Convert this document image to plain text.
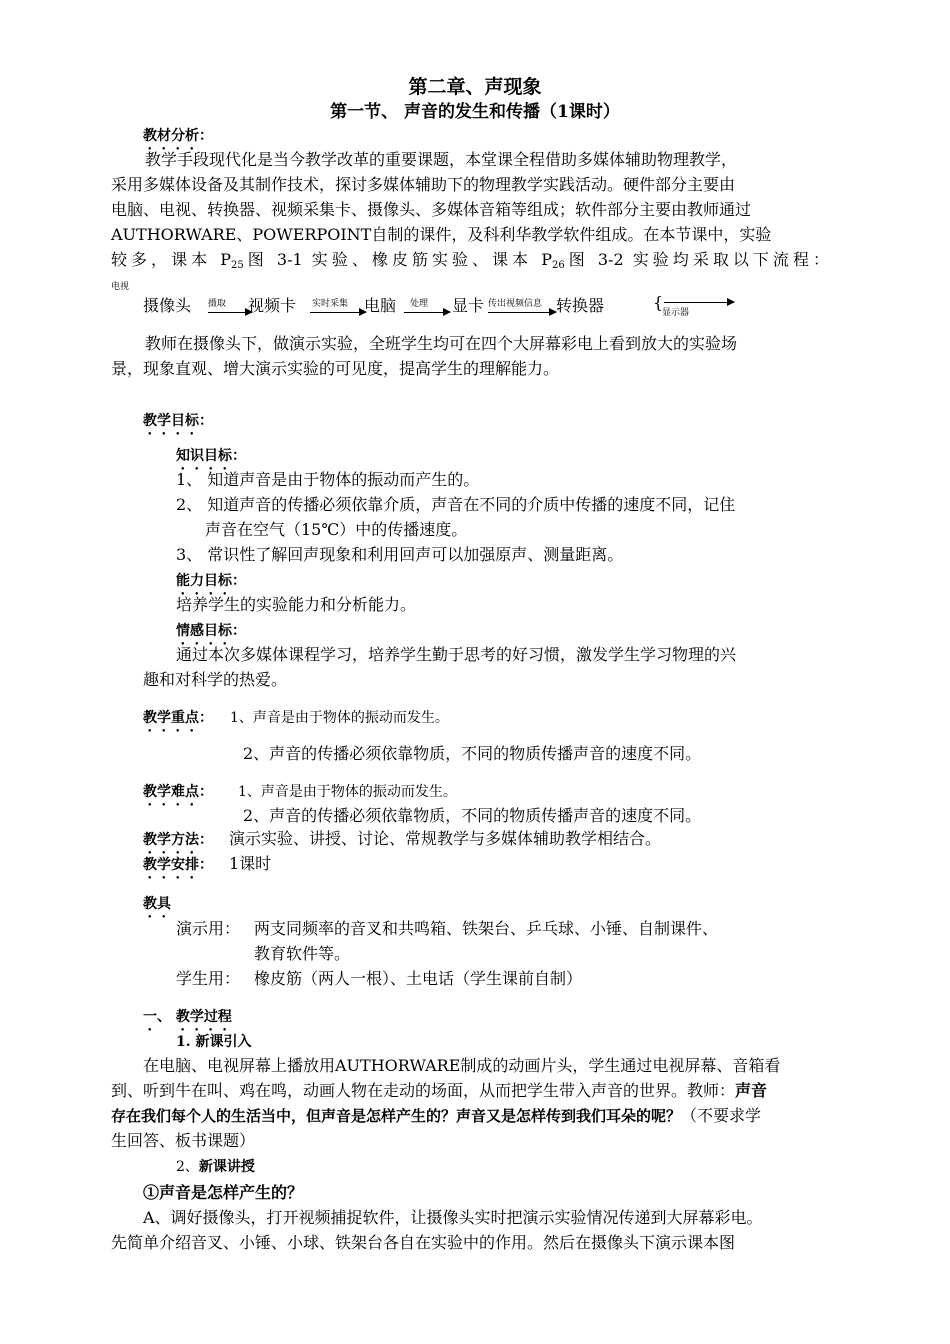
第二章、声现象
第一节、 声音的发生和传播（1课时）
教材分析：
教学手段现代化是当今教学改革的重要课题，本堂课全程借助多媒体辅助物理教学，
采用多媒体设备及其制作技术，探讨多媒体辅助下的物理教学实践活动。硬件部分主要由
电脑、电视、转换器、视频采集卡、摄像头、多媒体音箱等组成；软件部分主要由教师通过
AUTHORWARE、POWERPOINT自制的课件，及科利华教学软件组成。在本节课中，实验
较多，课本 $P_{25}$图 3-1 实验、橡皮筋实验、课本 $P_{26}$图 3-2 实验均采取以下流程：
电视
摄像头 摄取 视频卡 实时采集 电脑 处理 显卡 传出视频信息 转换器	{
显示器
教师在摄像头下，做演示实验，全班学生均可在四个大屏幕彩电上看到放大的实验场
景，现象直观、增大演示实验的可见度，提高学生的理解能力。
教学目标：
知识目标：
1、 知道声音是由于物体的振动而产生的。
2、 知道声音的传播必须依靠介质，声音在不同的介质中传播的速度不同，记住
声音在空气（15℃）中的传播速度。
3、 常识性了解回声现象和利用回声可以加强原声、测量距离。
能力目标：
培养学生的实验能力和分析能力。
情感目标：
通过本次多媒体课程学习，培养学生勤于思考的好习惯，激发学生学习物理的兴
趣和对科学的热爱。
教学重点： 1、声音是由于物体的振动而发生。
2、声音的传播必须依靠物质，不同的物质传播声音的速度不同。
教学难点： 1、声音是由于物体的振动而发生。
2、声音的传播必须依靠物质，不同的物质传播声音的速度不同。
教学方法： 演示实验、讲授、讨论、常规教学与多媒体辅助教学相结合。
教学安排： 1课时
教具
演示用： 两支同频率的音叉和共鸣箱、铁架台、乒乓球、小锤、自制课件、
教育软件等。
学生用： 橡皮筋（两人一根）、土电话（学生课前自制）
一、 教学过程
1. 新课引入
在电脑、电视屏幕上播放用AUTHORWARE制成的动画片头，学生通过电视屏幕、音箱看
到、听到牛在叫、鸡在鸣，动画人物在走动的场面，从而把学生带入声音的世界。教师：声音
存在我们每个人的生活当中，但声音是怎样产生的？声音又是怎样传到我们耳朵的呢？（不要求学
生回答、板书课题）
2、新课讲授
①声音是怎样产生的？
A、调好摄像头，打开视频捕捉软件，让摄像头实时把演示实验情况传递到大屏幕彩电。
先简单介绍音叉、小锤、小球、铁架台各自在实验中的作用。然后在摄像头下演示课本图
